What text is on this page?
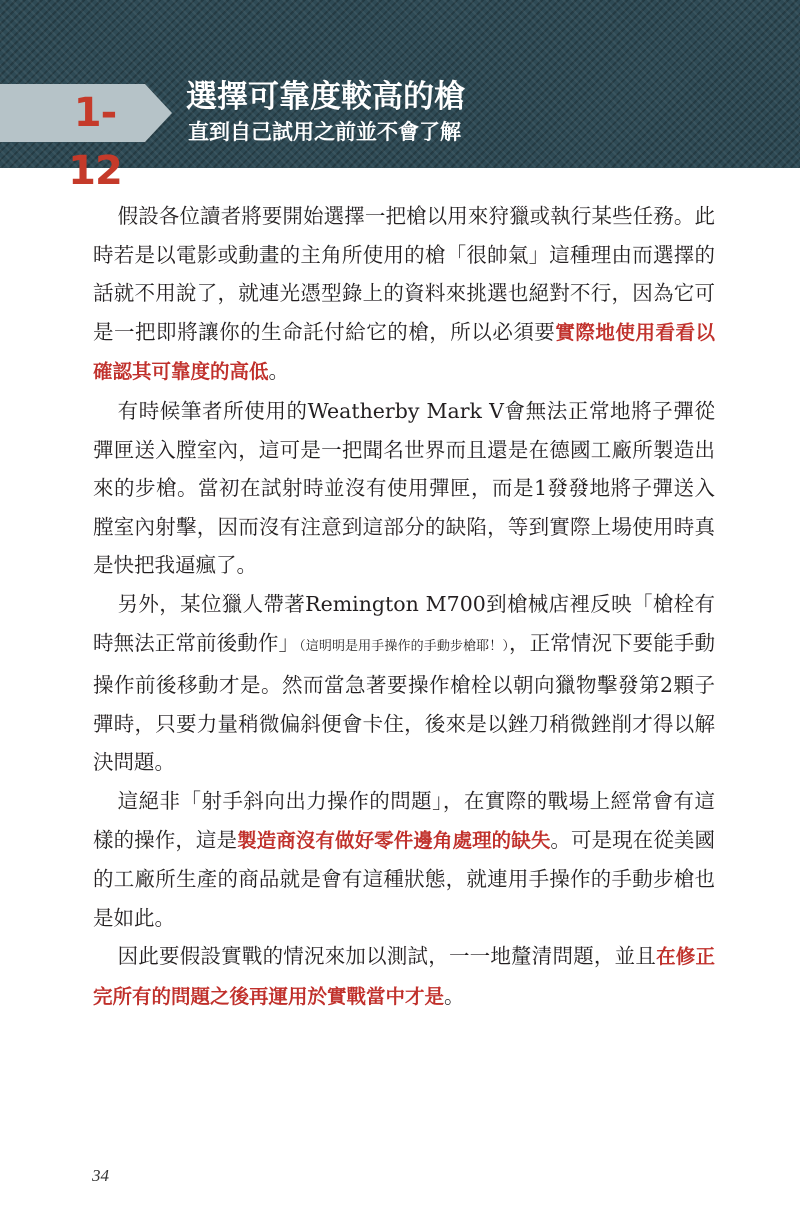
1-12
選擇可靠度較高的槍
直到自己試用之前並不會了解

假設各位讀者將要開始選擇一把槍以用來狩獵或執行某些任務。此時若是以電影或動畫的主角所使用的槍「很帥氣」這種理由而選擇的話就不用說了，就連光憑型錄上的資料來挑選也絕對不行，因為它可是一把即將讓你的生命託付給它的槍，所以必須要實際地使用看看以確認其可靠度的高低。

有時候筆者所使用的Weatherby Mark V會無法正常地將子彈從彈匣送入膛室內，這可是一把聞名世界而且還是在德國工廠所製造出來的步槍。當初在試射時並沒有使用彈匣，而是1發發地將子彈送入膛室內射擊，因而沒有注意到這部分的缺陷，等到實際上場使用時真是快把我逼瘋了。

另外，某位獵人帶著Remington M700到槍械店裡反映「槍栓有時無法正常前後動作」（這明明是用手操作的手動步槍耶！），正常情況下要能手動操作前後移動才是。然而當急著要操作槍栓以朝向獵物擊發第2顆子彈時，只要力量稍微偏斜便會卡住，後來是以銼刀稍微銼削才得以解決問題。

這絕非「射手斜向出力操作的問題」，在實際的戰場上經常會有這樣的操作，這是製造商沒有做好零件邊角處理的缺失。可是現在從美國的工廠所生產的商品就是會有這種狀態，就連用手操作的手動步槍也是如此。

因此要假設實戰的情況來加以測試，一一地釐清問題，並且在修正完所有的問題之後再運用於實戰當中才是。

34
